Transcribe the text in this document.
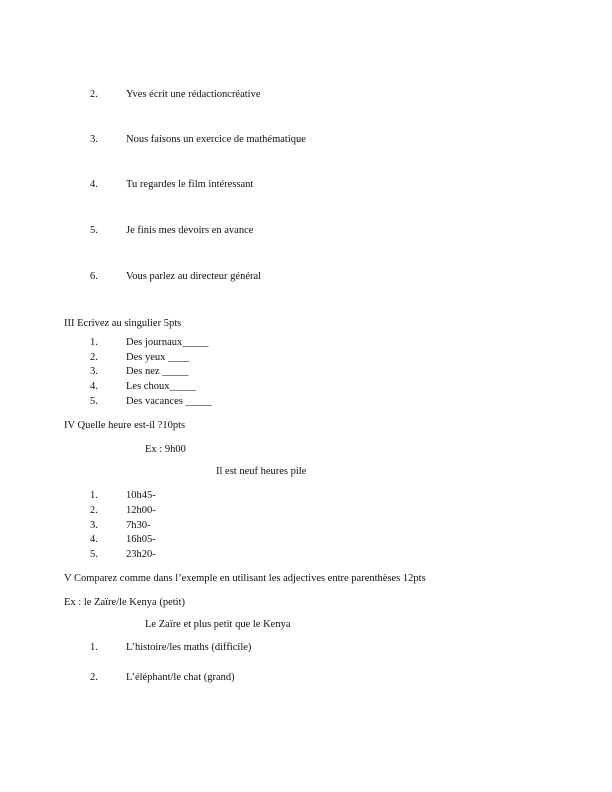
2.	Yves écrit une rédactioncréative
3.	Nous faisons un exercice de mathématique
4.	Tu regardes le film intéressant
5.	Je finis mes devoirs en avance
6.	Vous parlez au directeur général
III Ecrivez au singulier 5pts
1.	Des journaux_____
2.	Des yeux ____
3.	Des nez _____
4.	Les choux_____
5.	Des vacances _____
IV Quelle heure est-il ?10pts
Ex : 9h00
Il est neuf heures pile
1.	10h45-
2.	12h00-
3.	7h30-
4.	16h05-
5.	23h20-
V Comparez comme dans l’exemple en utilisant les adjectives entre parenthèses 12pts
Ex : le Zaïre/le Kenya (petit)
Le Zaïre et plus petit que le Kenya
1.	L’histoire/les maths (difficile)
2.	L’éléphant/le chat (grand)
